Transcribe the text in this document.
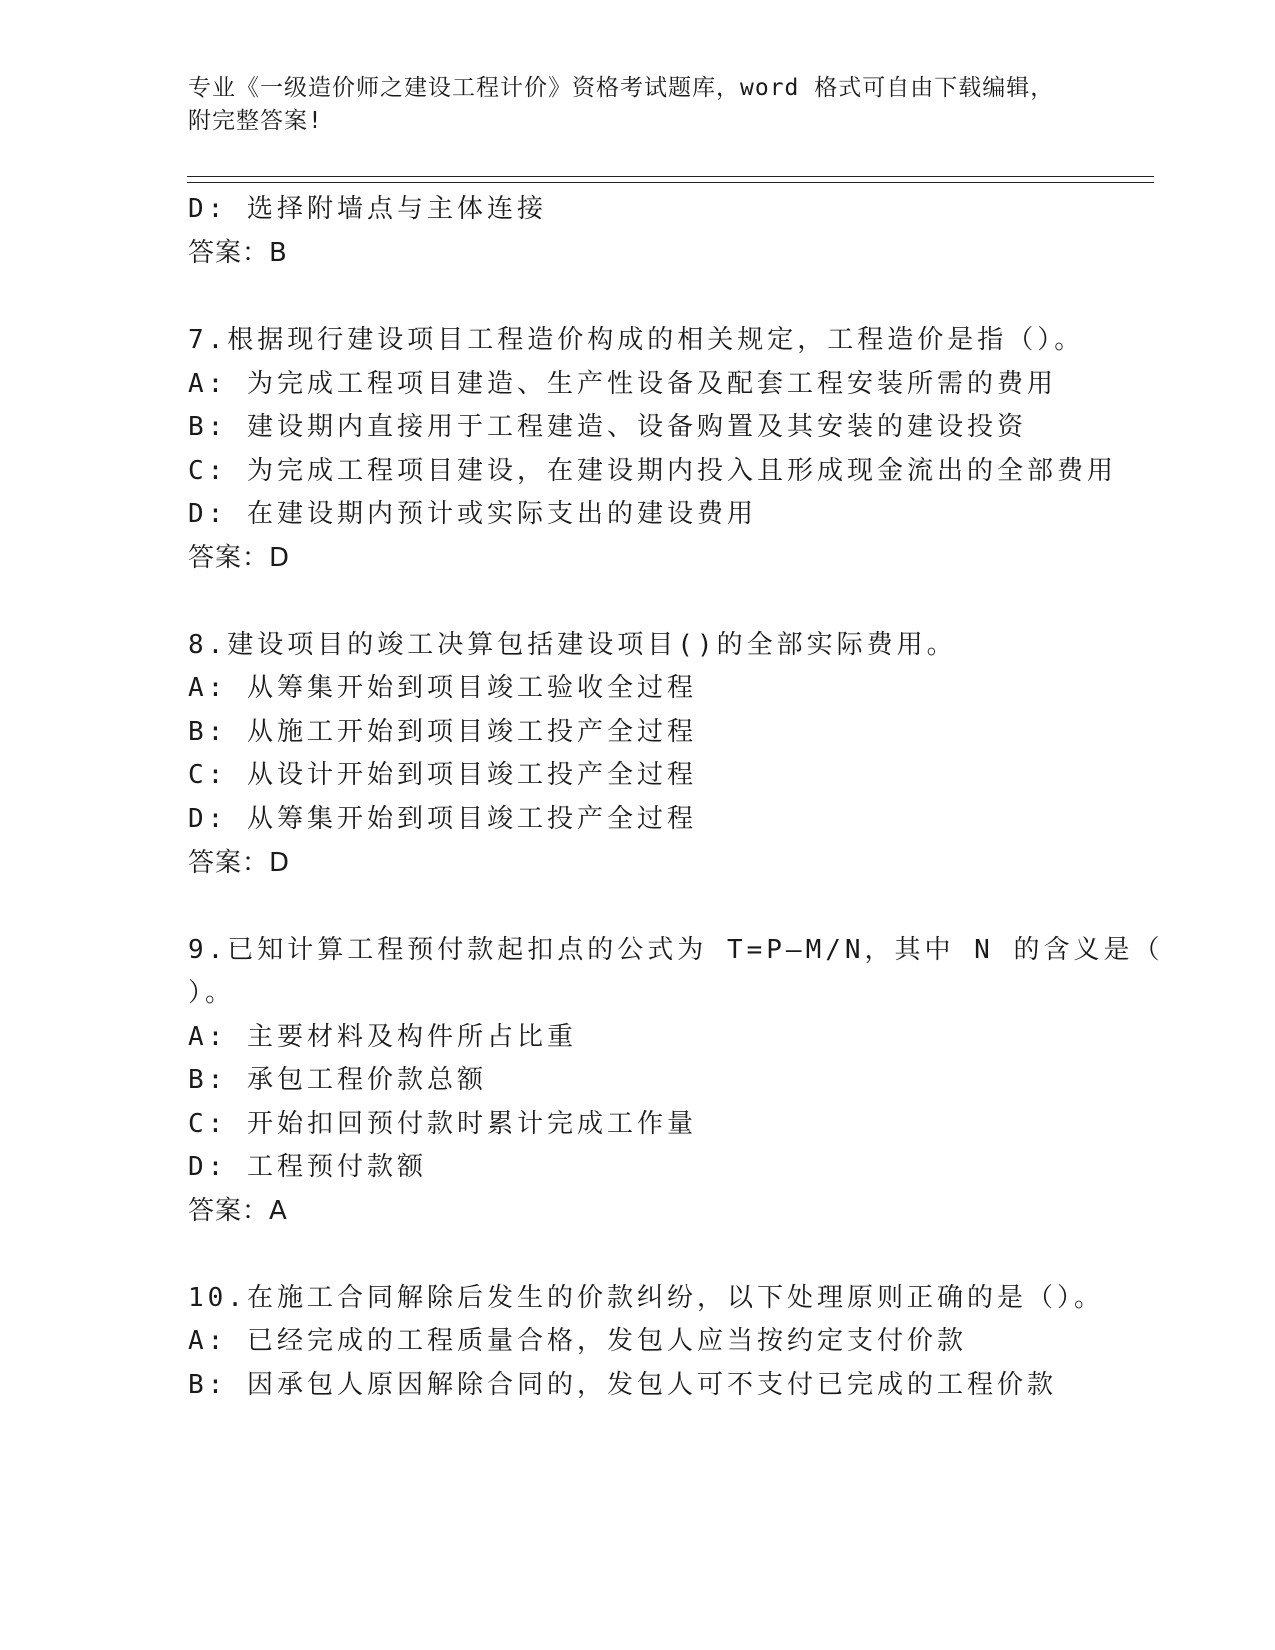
专业《一级造价师之建设工程计价》资格考试题库，word 格式可自由下载编辑，
附完整答案!
D: 选择附墙点与主体连接
答案：B
7.根据现行建设项目工程造价构成的相关规定，工程造价是指（）。
A: 为完成工程项目建造、生产性设备及配套工程安装所需的费用
B: 建设期内直接用于工程建造、设备购置及其安装的建设投资
C: 为完成工程项目建设，在建设期内投入且形成现金流出的全部费用
D: 在建设期内预计或实际支出的建设费用
答案：D
8.建设项目的竣工决算包括建设项目()的全部实际费用。
A: 从筹集开始到项目竣工验收全过程
B: 从施工开始到项目竣工投产全过程
C: 从设计开始到项目竣工投产全过程
D: 从筹集开始到项目竣工投产全过程
答案：D
9.已知计算工程预付款起扣点的公式为 T=P—M/N，其中 N 的含义是（
）。
A: 主要材料及构件所占比重
B: 承包工程价款总额
C: 开始扣回预付款时累计完成工作量
D: 工程预付款额
答案：A
10.在施工合同解除后发生的价款纠纷，以下处理原则正确的是（）。
A: 已经完成的工程质量合格，发包人应当按约定支付价款
B: 因承包人原因解除合同的，发包人可不支付已完成的工程价款
